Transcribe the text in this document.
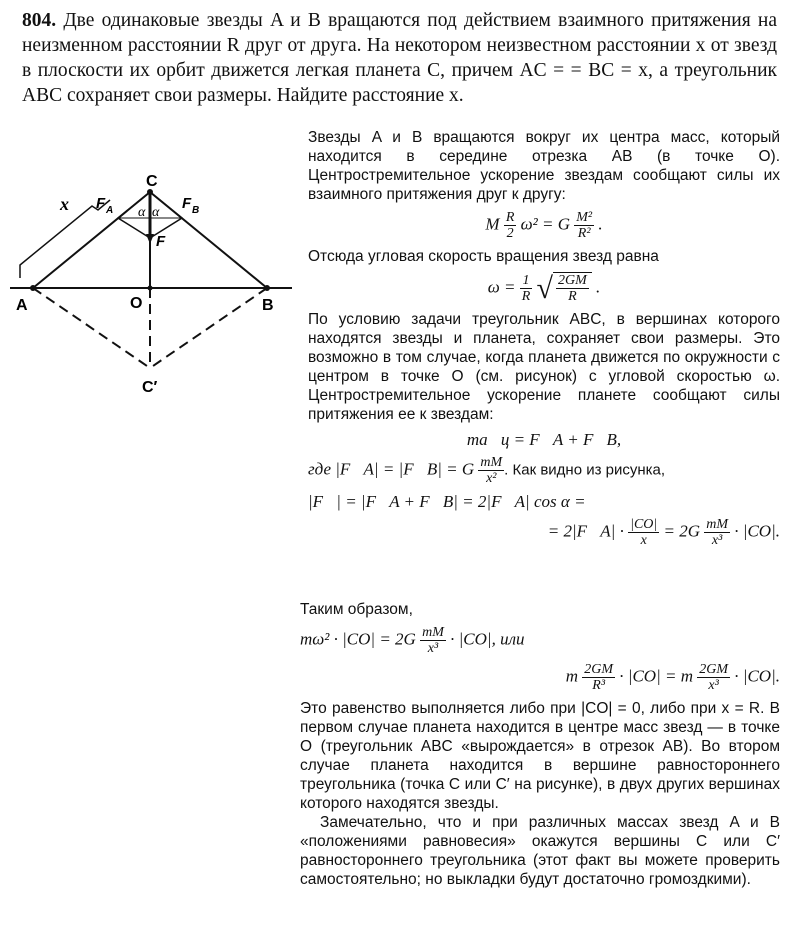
804. Две одинаковые звезды A и B вращаются под действием взаимного притяжения на неизменном расстоянии R друг от друга. На некотором неизвестном расстоянии x от звезд в плоскости их орбит движется легкая планета C, причем AC = = BC = x, а треугольник ABC сохраняет свои размеры. Найдите расстояние x.
C
A	B
O
C′
x F A	F B
F
α α

Звезды A и B вращаются вокруг их центра масс, который находится в середине отрезка AB (в точке O). Центростремительное ускорение звездам сообщают силы их взаимного притяжения друг к другу:

M $\frac{R}{2} \omega^2 = G \frac{\text{M²}}{\text{R²}}$ .

Отсюда угловая скорость вращения звезд равна

$\omega = \frac{1}{R}$ √ $\frac{2GM}{R}$ .

По условию задачи треугольник ABC, в вершинах которого находятся звезды и планета, сохраняет свои размеры. Это возможно в том случае, когда планета движется по окружности с центром в точке O (см. рисунок) с угловой скоростью ω. Центростремительное ускорение планете сообщают силы притяжения ее к звездам:

ma⃗ц = F⃗A + F⃗B,
где |F⃗A| = |F⃗B| = G $\frac{mM}{\text{x²}}$ . Как видно из рисунка,
|F⃗| = |F⃗A + F⃗B| = 2|F⃗A| cos α =
= 2|F⃗A| · $\frac{|CO|}{x} = 2G \frac{mM}{\text{x³}} \cdot |CO|$.

Таким образом,

$m\omega^2 \cdot |CO| = 2G \frac{mM}{\text{x³}} \cdot |CO|$, или
m $\frac{2GM}{\text{R³}} \cdot |CO| = m \frac{2GM}{\text{x³}} \cdot |CO|$.

Это равенство выполняется либо при |CO| = 0, либо при x = R. В первом случае планета находится в центре масс звезд — в точке O (треугольник ABC «вырождается» в отрезок AB). Во втором случае планета находится в вершине равностороннего треугольника (точка C или C′ на рисунке), в двух других вершинах которого находятся звезды.

Замечательно, что и при различных массах звезд A и B «положениями равновесия» окажутся вершины C или C′ равностороннего треугольника (этот факт вы можете проверить самостоятельно; но выкладки будут достаточно громоздкими).
